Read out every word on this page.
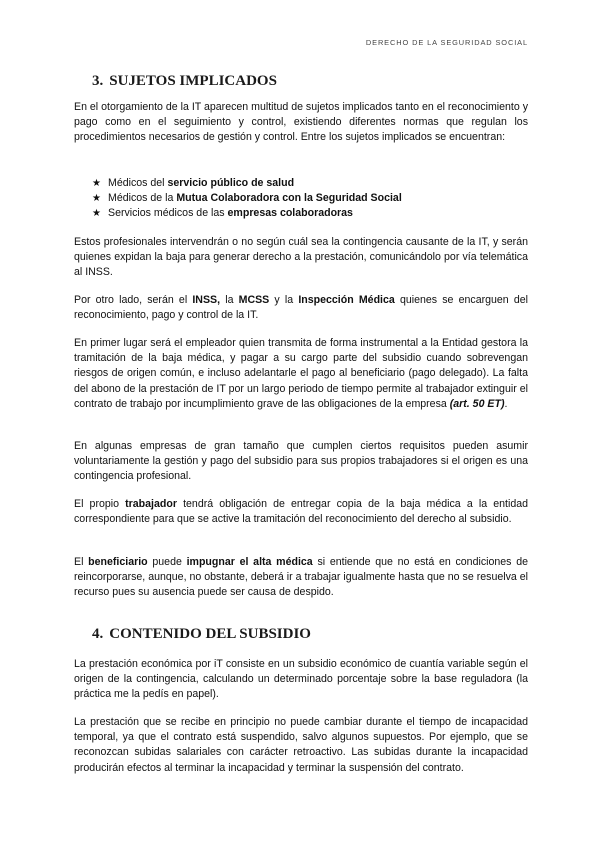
DERECHO DE LA SEGURIDAD SOCIAL
3. SUJETOS IMPLICADOS

En el otorgamiento de la IT aparecen multitud de sujetos implicados tanto en el reconocimiento y pago como en el seguimiento y control, existiendo diferentes normas que regulan los procedimientos necesarios de gestión y control. Entre los sujetos implicados se encuentran:

★ Médicos del servicio público de salud
★ Médicos de la Mutua Colaboradora con la Seguridad Social
★ Servicios médicos de las empresas colaboradoras

Estos profesionales intervendrán o no según cuál sea la contingencia causante de la IT, y serán quienes expidan la baja para generar derecho a la prestación, comunicándolo por vía telemática al INSS.

Por otro lado, serán el INSS, la MCSS y la Inspección Médica quienes se encarguen del reconocimiento, pago y control de la IT.

En primer lugar será el empleador quien transmita de forma instrumental a la Entidad gestora la tramitación de la baja médica, y pagar a su cargo parte del subsidio cuando sobrevengan riesgos de origen común, e incluso adelantarle el pago al beneficiario (pago delegado). La falta del abono de la prestación de IT por un largo periodo de tiempo permite al trabajador extinguir el contrato de trabajo por incumplimiento grave de las obligaciones de la empresa (art. 50 ET).

En algunas empresas de gran tamaño que cumplen ciertos requisitos pueden asumir voluntariamente la gestión y pago del subsidio para sus propios trabajadores si el origen es una contingencia profesional.

El propio trabajador tendrá obligación de entregar copia de la baja médica a la entidad correspondiente para que se active la tramitación del reconocimiento del derecho al subsidio.

El beneficiario puede impugnar el alta médica si entiende que no está en condiciones de reincorporarse, aunque, no obstante, deberá ir a trabajar igualmente hasta que no se resuelva el recurso pues su ausencia puede ser causa de despido.

4. CONTENIDO DEL SUBSIDIO

La prestación económica por iT consiste en un subsidio económico de cuantía variable según el origen de la contingencia, calculando un determinado porcentaje sobre la base reguladora (la práctica me la pedís en papel).

La prestación que se recibe en principio no puede cambiar durante el tiempo de incapacidad temporal, ya que el contrato está suspendido, salvo algunos supuestos. Por ejemplo, que se reconozcan subidas salariales con carácter retroactivo. Las subidas durante la incapacidad producirán efectos al terminar la incapacidad y terminar la suspensión del contrato.
